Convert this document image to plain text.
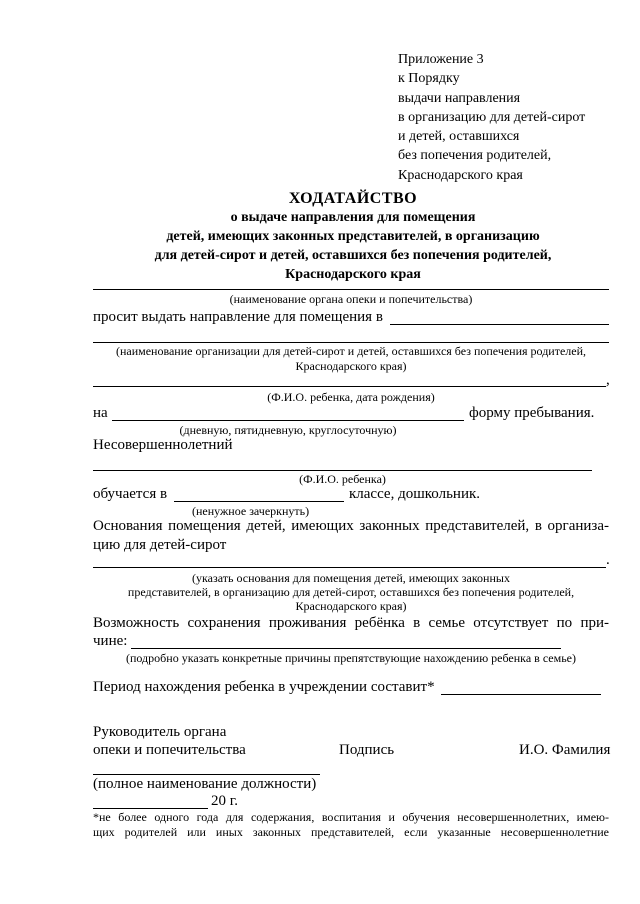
Приложение 3
к Порядку
выдачи направления
в организацию для детей-сирот
и детей, оставшихся
без попечения родителей,
Краснодарского края
ХОДАТАЙСТВО
о выдаче направления для помещения
детей, имеющих законных представителей, в организацию
для детей-сирот и детей, оставшихся без попечения родителей,
Краснодарского края
(наименование органа опеки и попечительства)
просит выдать направление для помещения в
(наименование организации для детей-сирот и детей, оставшихся без попечения родителей,
Краснодарского края)
,
(Ф.И.О. ребенка, дата рождения)
на	форму пребывания.
(дневную, пятидневную, круглосуточную)
Несовершеннолетний
(Ф.И.О. ребенка)
обучается в	классе, дошкольник.
(ненужное зачеркнуть)
Основания помещения детей, имеющих законных представителей, в организа-
цию для детей-сирот
.
(указать основания для помещения детей, имеющих законных
представителей, в организацию для детей-сирот, оставшихся без попечения родителей,
Краснодарского края)
Возможность сохранения проживания ребёнка в семье отсутствует по при-
чине:
(подробно указать конкретные причины препятствующие нахождению ребенка в семье)
Период нахождения ребенка в учреждении составит*
Руководитель органа
опеки и попечительства	Подпись	И.О. Фамилия
(полное наименование должности)
20 г.
*не более одного года для содержания, воспитания и обучения несовершеннолетних, имею-
щих родителей или иных законных представителей, если указанные несовершеннолетние
